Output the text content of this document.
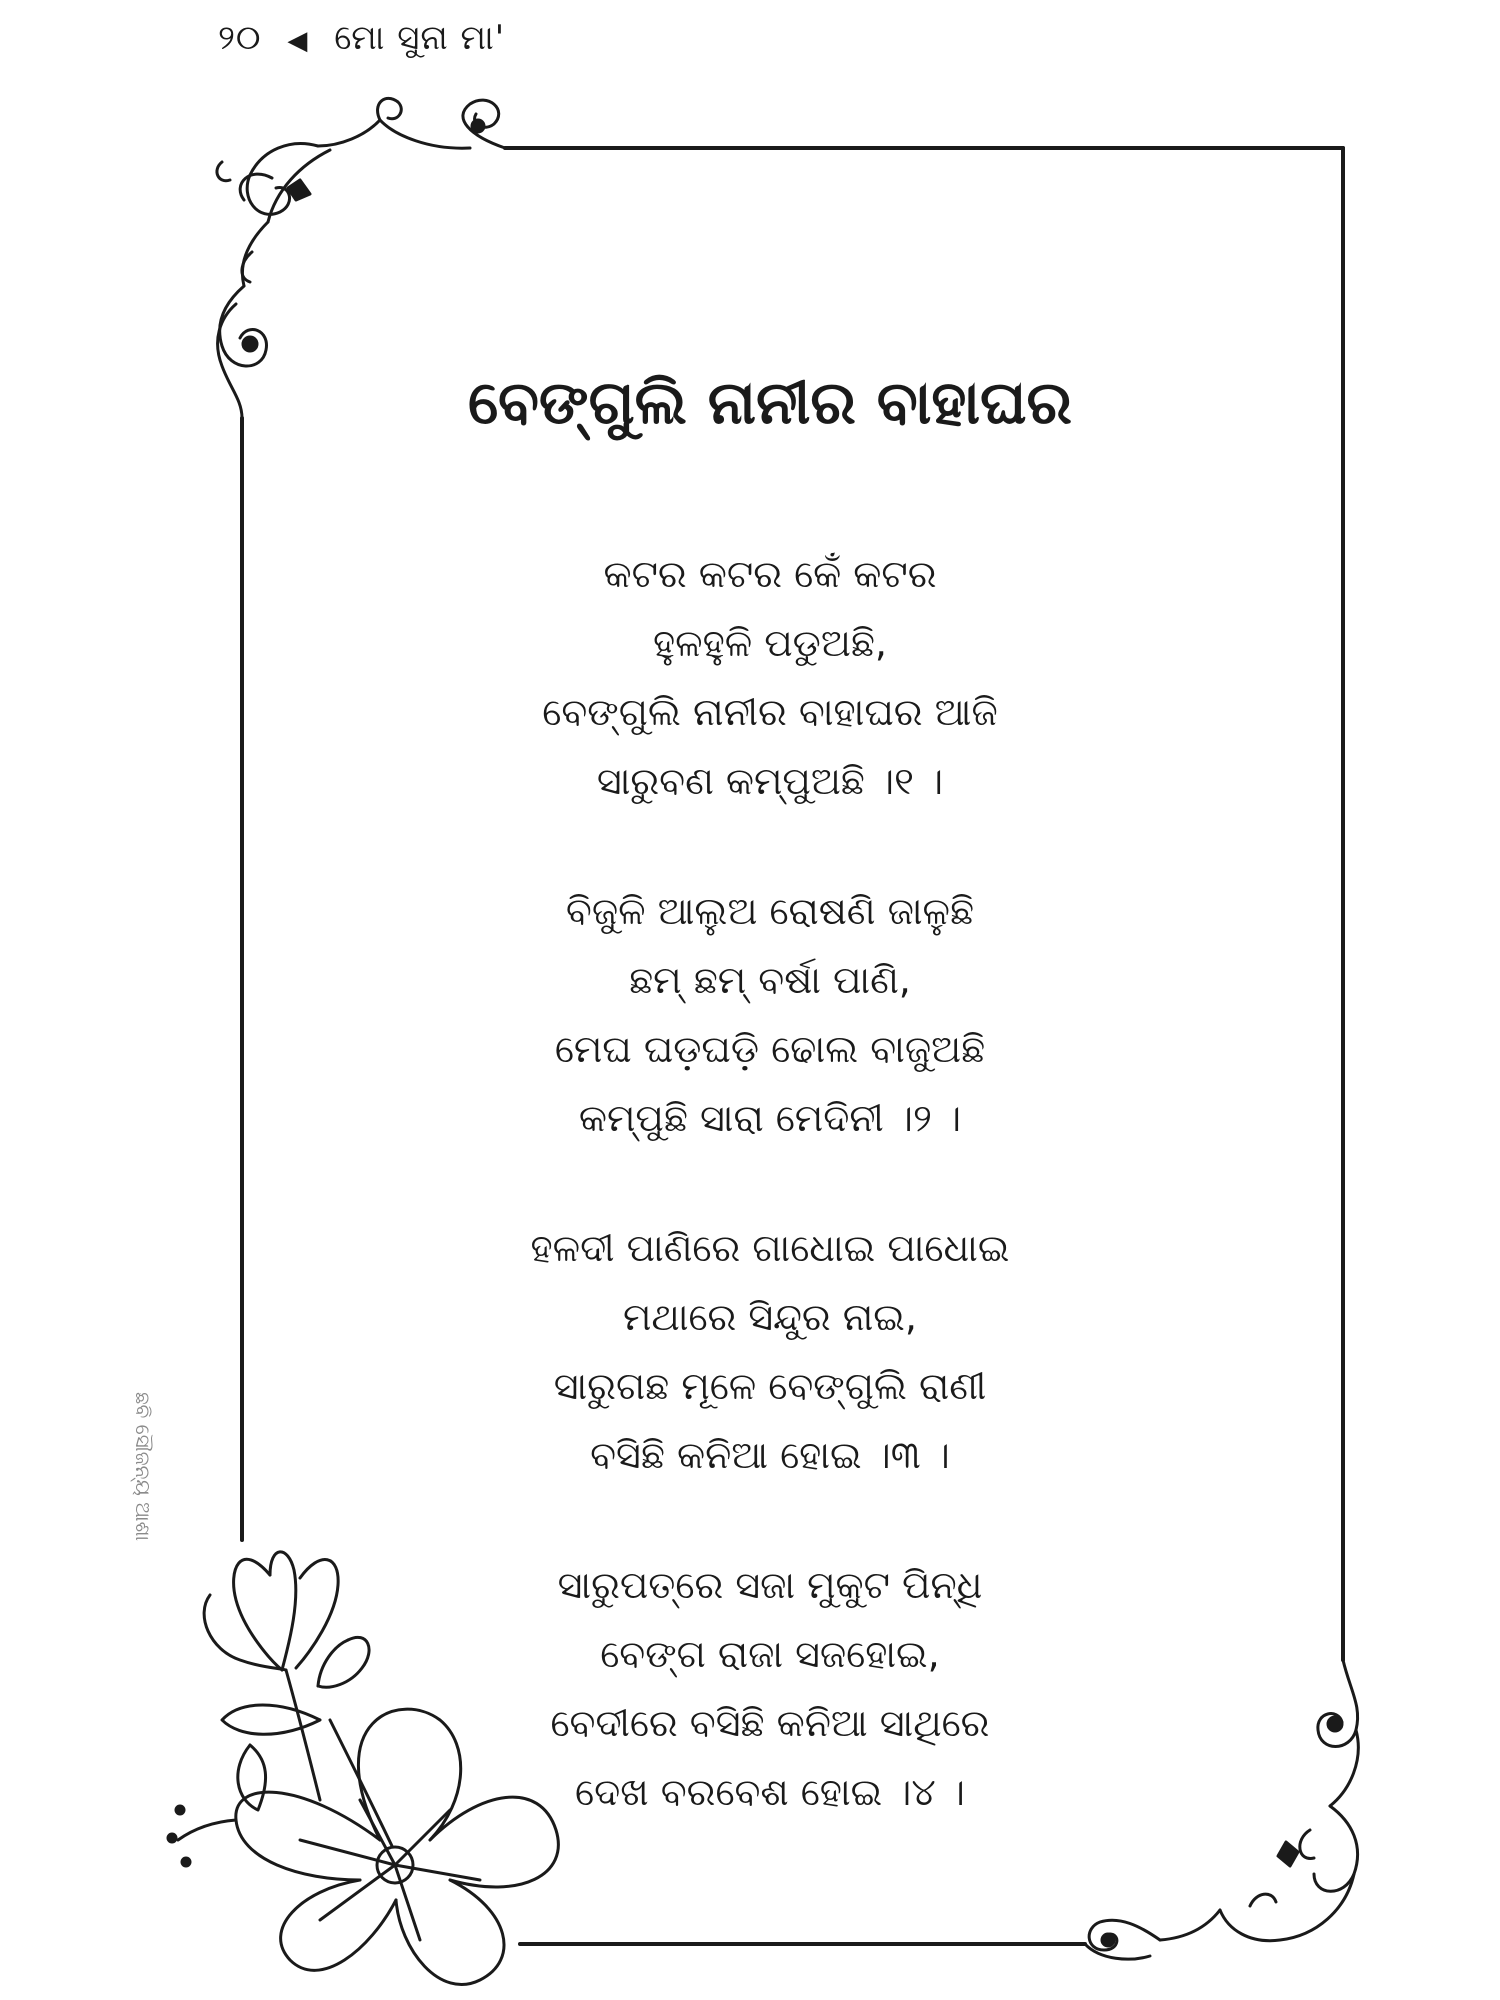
୨୦ ◀ ମୋ ସୁନା ମା'
ବେଙ୍ଗୁଲି ନାନୀର ବାହାଘର
କଟର କଟର କେଁ କଟର
ହୁଳହୁଳି ପଡୁଅଛି,
ବେଙ୍ଗୁଲି ନାନୀର ବାହାଘର ଆଜି
ସାରୁବଣ କମ୍ପୁଅଛି ।୧ ।
ବିଜୁଳି ଆଲୁଅ ରୋଷଣି ଜାଳୁଛି
ଛମ୍ ଛମ୍ ବର୍ଷା ପାଣି,
ମେଘ ଘଡ଼ଘଡ଼ି ଢୋଲ ବାଜୁଅଛି
କମ୍ପୁଛି ସାରା ମେଦିନୀ ।୨ ।
ହଳଦୀ ପାଣିରେ ଗାଧୋଇ ପାଧୋଇ
ମଥାରେ ସିନ୍ଦୁର ନାଇ,
ସାରୁଗଛ ମୂଳେ ବେଙ୍ଗୁଲି ରାଣୀ
ବସିଛି କନିଆ ହୋଇ ।୩ ।
ସାରୁପତ୍ରେ ସଜା ମୁକୁଟ ପିନ୍ଧି
ବେଙ୍ଗ ରାଜା ସଜହୋଇ,
ବେଦୀରେ ବସିଛି କନିଆ ସାଥିରେ
ଦେଖ ବରବେଶ ହୋଇ ।୪ ।
ଛବି ସୌଜନ୍ୟ ଆଶା
